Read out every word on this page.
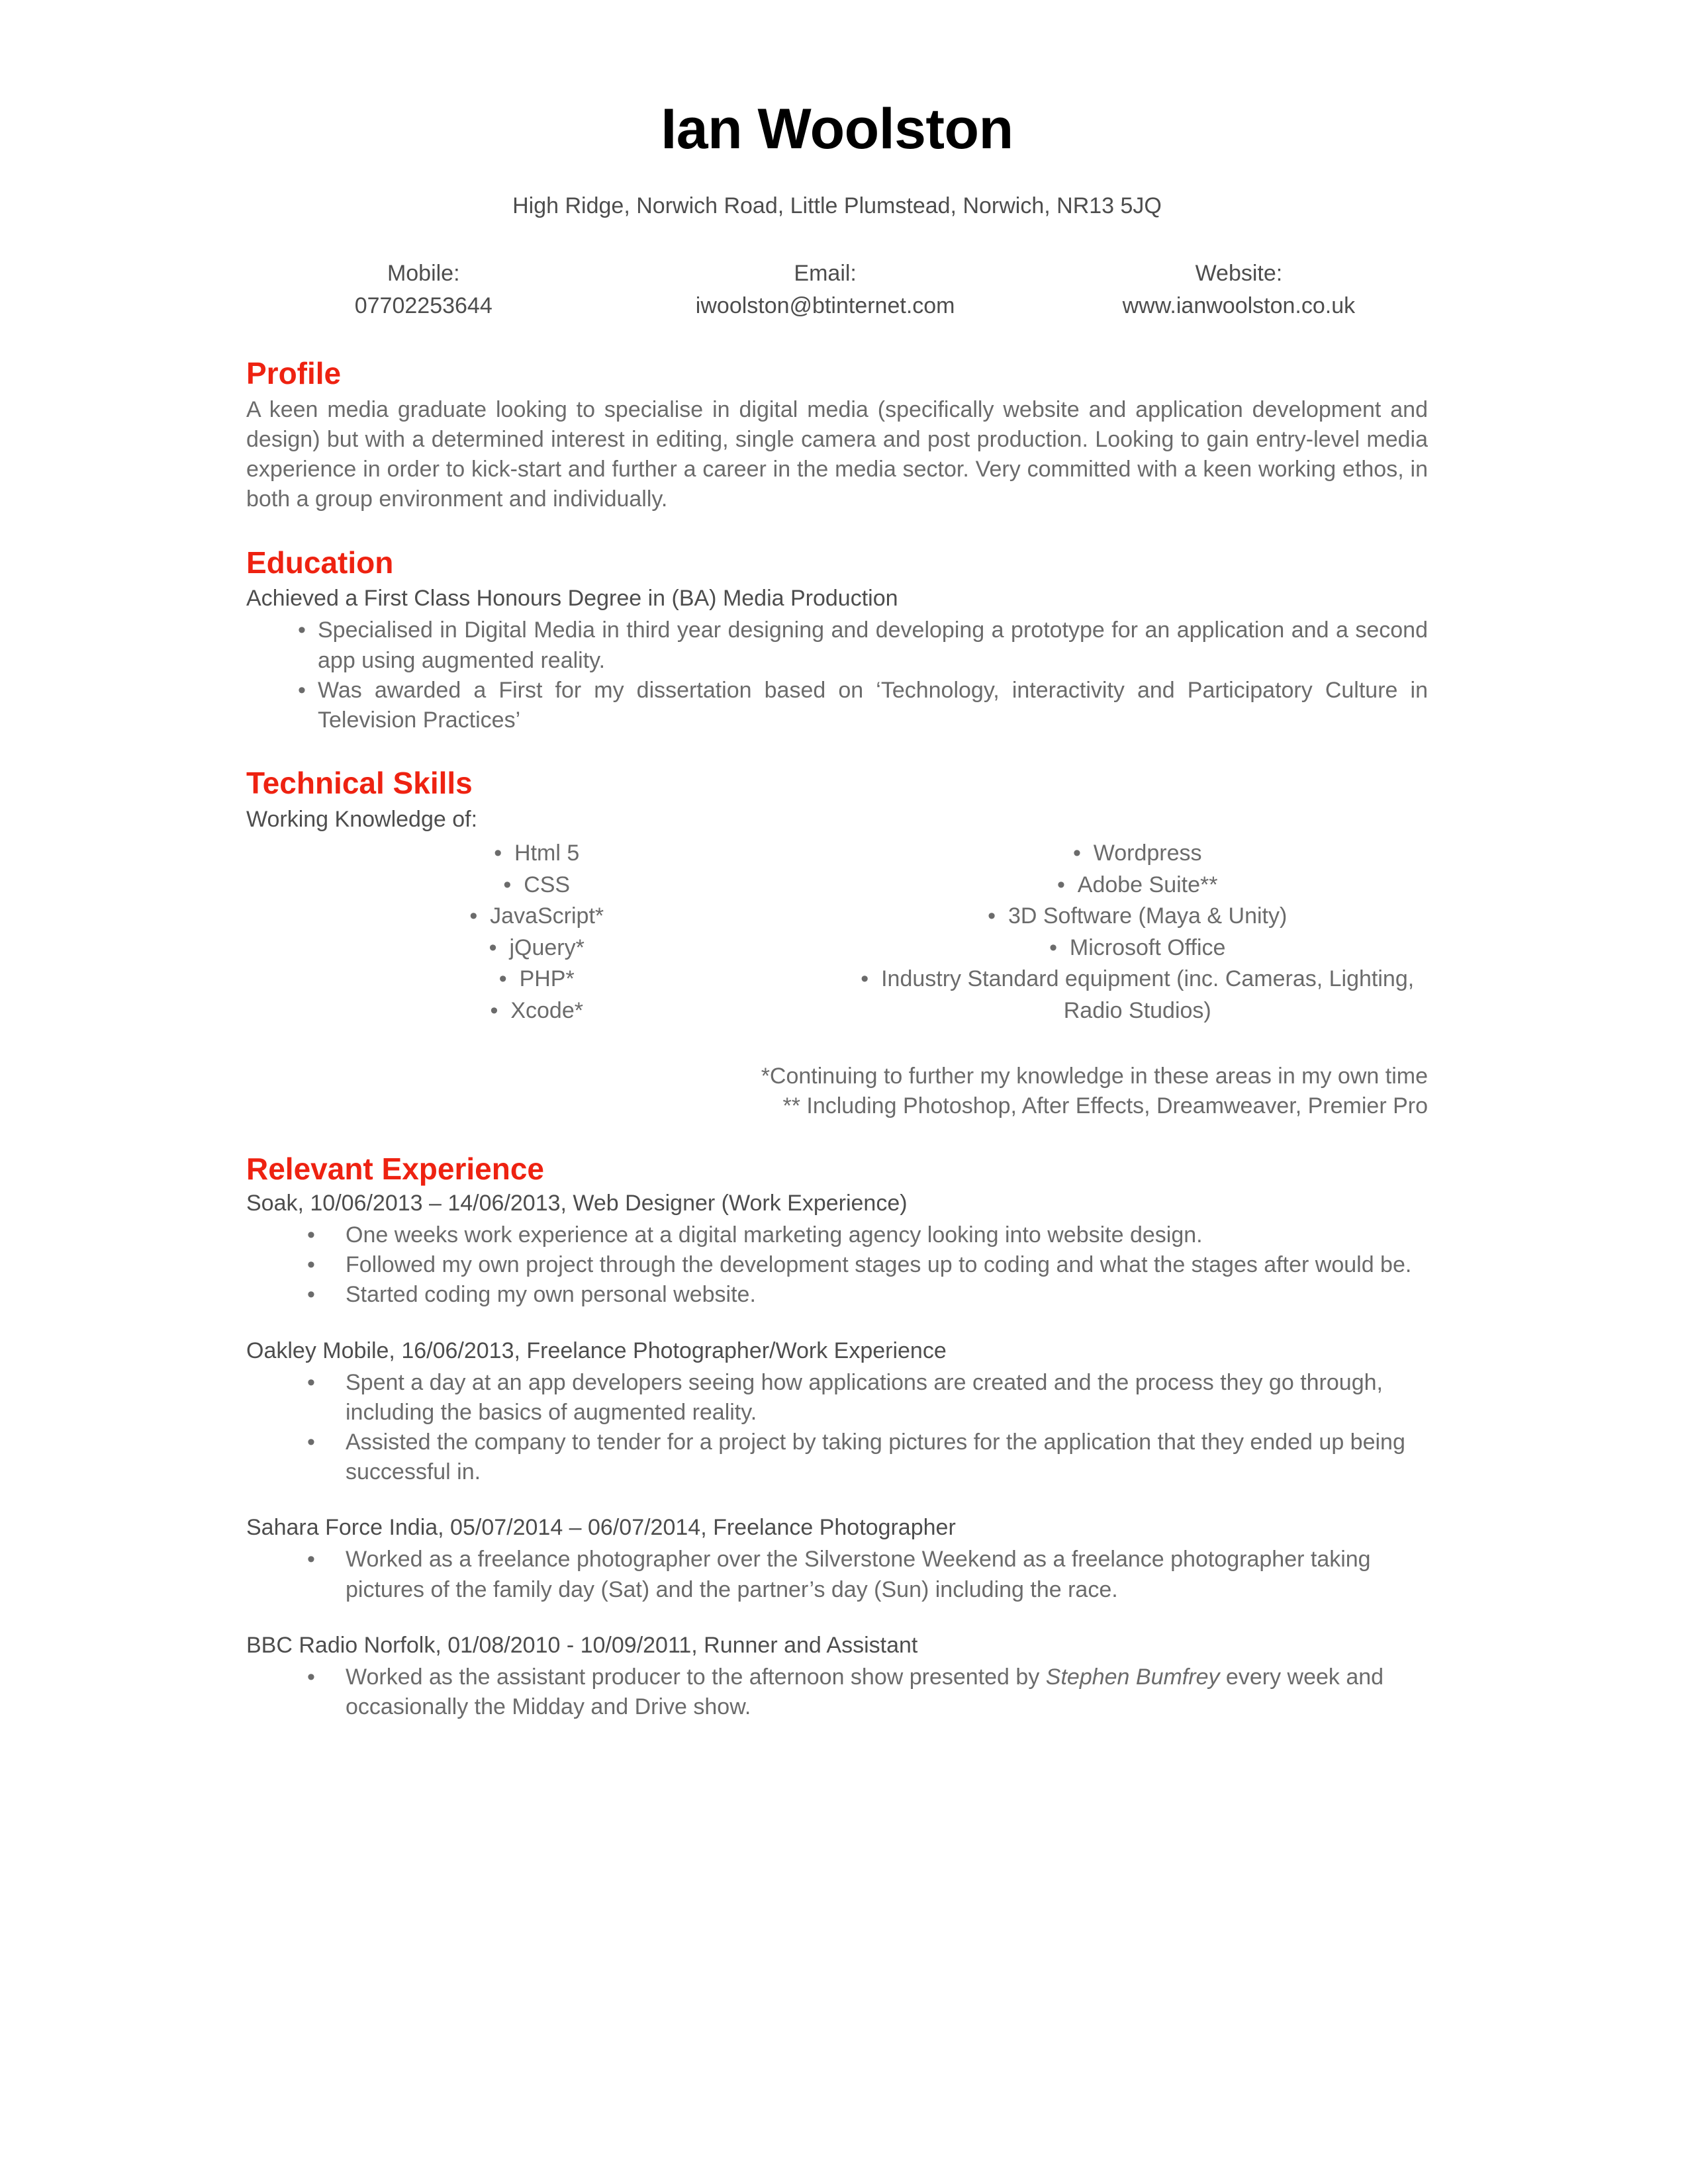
Ian Woolston
High Ridge, Norwich Road, Little Plumstead, Norwich, NR13 5JQ
Mobile:
07702253644
Email:
iwoolston@btinternet.com
Website:
www.ianwoolston.co.uk
Profile

A keen media graduate looking to specialise in digital media (specifically website and application development and design) but with a determined interest in editing, single camera and post production. Looking to gain entry-level media experience in order to kick-start and further a career in the media sector. Very committed with a keen working ethos, in both a group environment and individually.

Education
Achieved a First Class Honours Degree in (BA) Media Production
• Specialised in Digital Media in third year designing and developing a prototype for an application and a second app using augmented reality.
• Was awarded a First for my dissertation based on ‘Technology, interactivity and Participatory Culture in Television Practices’
Technical Skills
Working Knowledge of:
•  Html 5
•  CSS
•  JavaScript*
•  jQuery*
•  PHP*
•  Xcode*
•  Wordpress
•  Adobe Suite**
•  3D Software (Maya & Unity)
•  Microsoft Office
•  Industry Standard equipment (inc. Cameras, Lighting, Radio Studios)
*Continuing to further my knowledge in these areas in my own time
** Including Photoshop, After Effects, Dreamweaver, Premier Pro
Relevant Experience
Soak, 10/06/2013 – 14/06/2013, Web Designer (Work Experience)
• One weeks work experience at a digital marketing agency looking into website design.
• Followed my own project through the development stages up to coding and what the stages after would be.
• Started coding my own personal website.
Oakley Mobile, 16/06/2013, Freelance Photographer/Work Experience
• Spent a day at an app developers seeing how applications are created and the process they go through, including the basics of augmented reality.
• Assisted the company to tender for a project by taking pictures for the application that they ended up being successful in.
Sahara Force India, 05/07/2014 – 06/07/2014, Freelance Photographer
• Worked as a freelance photographer over the Silverstone Weekend as a freelance photographer taking pictures of the family day (Sat) and the partner’s day (Sun) including the race.
BBC Radio Norfolk, 01/08/2010 - 10/09/2011, Runner and Assistant
• Worked as the assistant producer to the afternoon show presented by Stephen Bumfrey every week and occasionally the Midday and Drive show.
